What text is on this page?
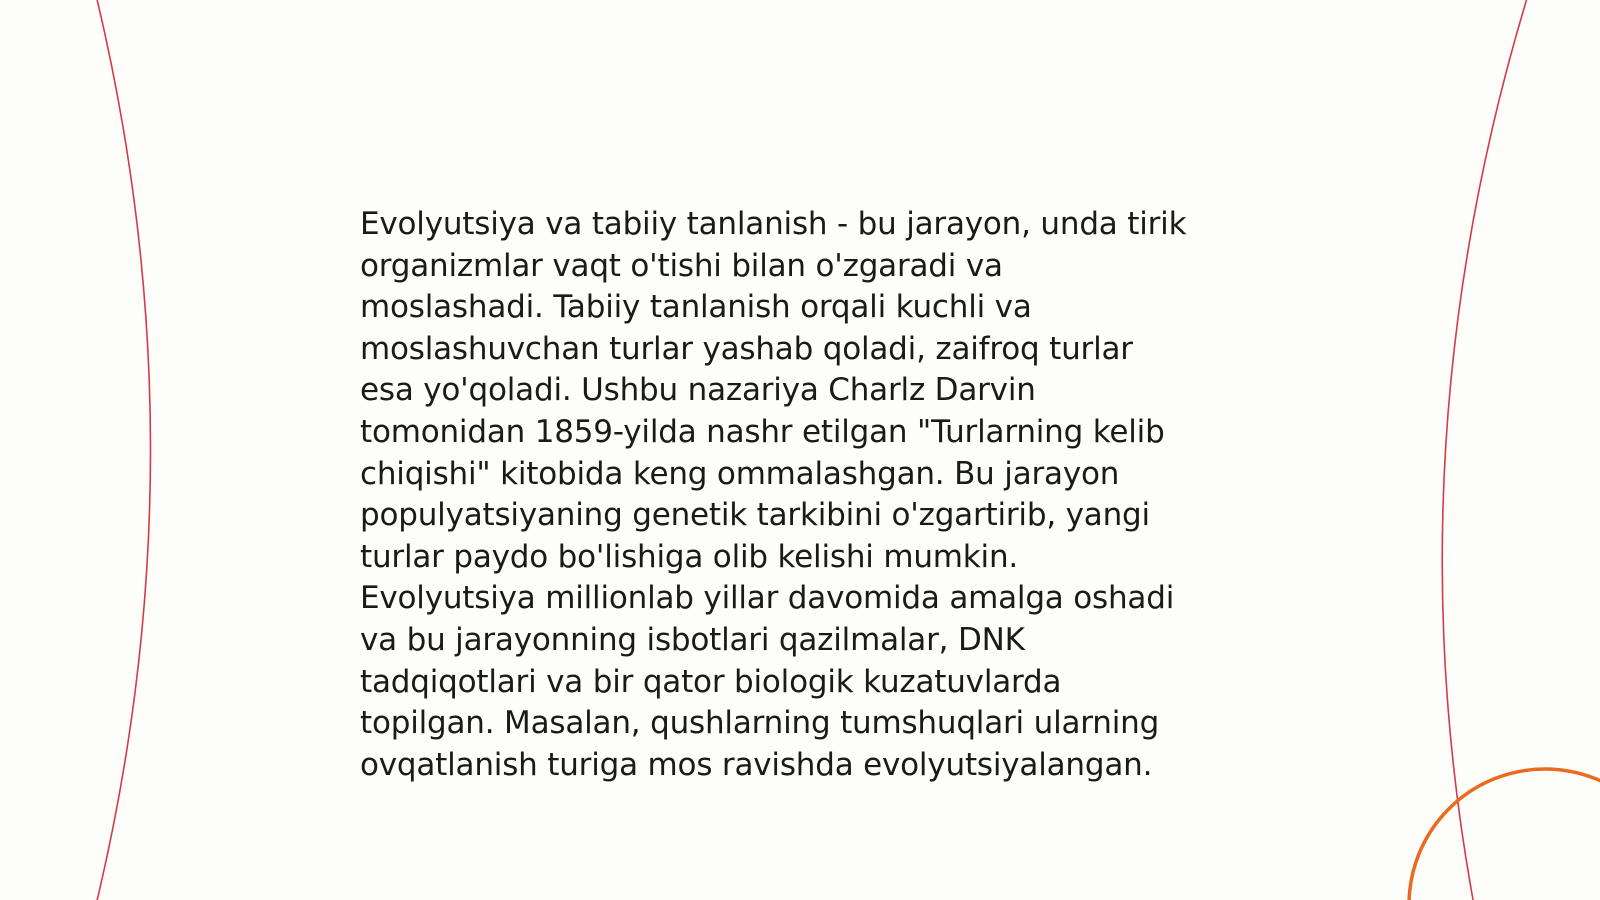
Evolyutsiya va tabiiy tanlanish - bu jarayon, unda tirik
organizmlar vaqt o'tishi bilan o'zgaradi va
moslashadi. Tabiiy tanlanish orqali kuchli va
moslashuvchan turlar yashab qoladi, zaifroq turlar
esa yo'qoladi. Ushbu nazariya Charlz Darvin
tomonidan 1859-yilda nashr etilgan "Turlarning kelib
chiqishi" kitobida keng ommalashgan. Bu jarayon
populyatsiyaning genetik tarkibini o'zgartirib, yangi
turlar paydo bo'lishiga olib kelishi mumkin.
Evolyutsiya millionlab yillar davomida amalga oshadi
va bu jarayonning isbotlari qazilmalar, DNK
tadqiqotlari va bir qator biologik kuzatuvlarda
topilgan. Masalan, qushlarning tumshuqlari ularning
ovqatlanish turiga mos ravishda evolyutsiyalangan.
